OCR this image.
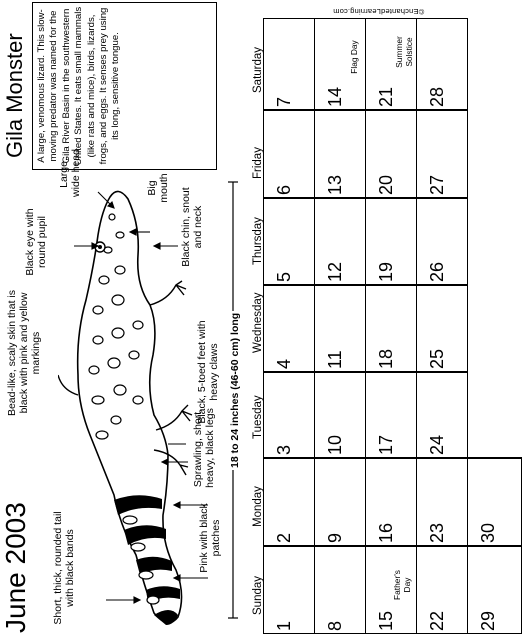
June 2003
Gila Monster A large, venomous lizard. This slow-moving predator was named for the Gila River Basin in the southwestern United States. It eats small mammals (like rats and mice), birds, lizards, frogs, and eggs. It senses prey using its long, sensitive tongue.
©EnchantedLearning.com
18 to 24 inches (46-60 cm) long
Short, thick, rounded tail with black bands	Pink with black patches
Sprawling, short, heavy, black legs
Bead-like, scaly skin that is black with pink and yellow markings
Black eye with round pupil
Large, wide head	Big mouth Black chin, snout and neck
Black, 5-toed feet with heavy claws
Sunday
Monday
Tuesday
Wednesday
Thursday
Friday
Saturday
1
2
3
4
5
6
7
8
9
10
11
12
13
14
Flag Day
15
Father's Day
16
17
18
19
20
21
Summer Solstice
22
23
24
25
26
27
28
29
30
